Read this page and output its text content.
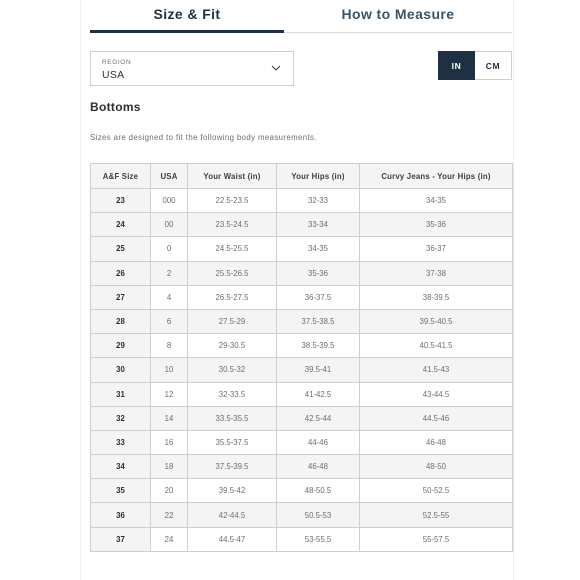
Size & Fit	How to Measure
REGION
USA
IN	CM
Bottoms

Sizes are designed to fit the following body measurements.

A&F Size	USA	Your Waist (in)	Your Hips (in)	Curvy Jeans - Your Hips (in)
23	000	22.5-23.5	32-33	34-35
24	00	23.5-24.5	33-34	35-36
25	0	24.5-25.5	34-35	36-37
26	2	25.5-26.5	35-36	37-38
27	4	26.5-27.5	36-37.5	38-39.5
28	6	27.5-29	37.5-38.5	39.5-40.5
29	8	29-30.5	38.5-39.5	40.5-41.5
30	10	30.5-32	39.5-41	41.5-43
31	12	32-33.5	41-42.5	43-44.5
32	14	33.5-35.5	42.5-44	44.5-46
33	16	35.5-37.5	44-46	46-48
34	18	37.5-39.5	46-48	48-50
35	20	39.5-42	48-50.5	50-52.5
36	22	42-44.5	50.5-53	52.5-55
37	24	44.5-47	53-55.5	55-57.5
